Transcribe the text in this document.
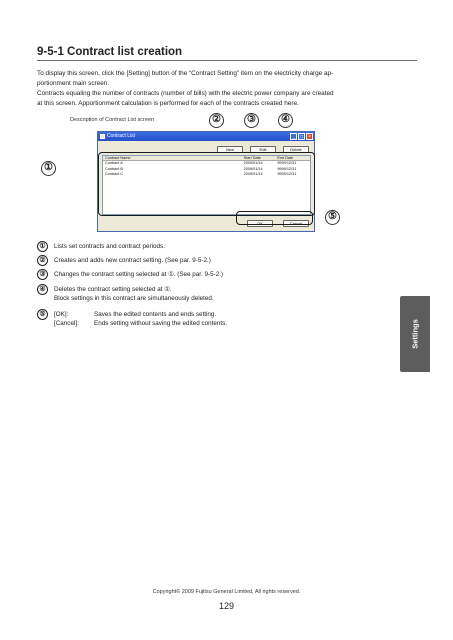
9-5-1 Contract list creation

To display this screen, click the [Setting] button of the “Contract Setting” item on the electricity charge ap-

portionment main screen.

Contracts equaling the number of contracts (number of bills) with the electric power company are created

at this screen. Apportionment calculation is performed for each of the contracts created here.

Description of Contract List screen
①
②	③	④
⑤
Contract List	_	□	×
New	Edit	Delete
Contract Name	Start Date	End Date
Contract A	2009/01/14	9999/12/31
Contract B	2009/01/14	9999/12/31
Contract C	2009/01/14	9999/12/31
OK	Cancel
①	Lists set contracts and contract periods.
②	Creates and adds new contract setting. (See par. 9-5-2.)
③	Changes the contract setting selected at ①. (See par. 9-5-2.)
④	Deletes the contract setting selected at ①.
Block settings in this contract are simultaneously deleted.
⑤	[OK]:	Saves the edited contents and ends setting.
[Cancel]: Ends setting without saving the edited contents.	Settings
Copyright© 2009 Fujitsu General Limited, All rights reserved.
129
